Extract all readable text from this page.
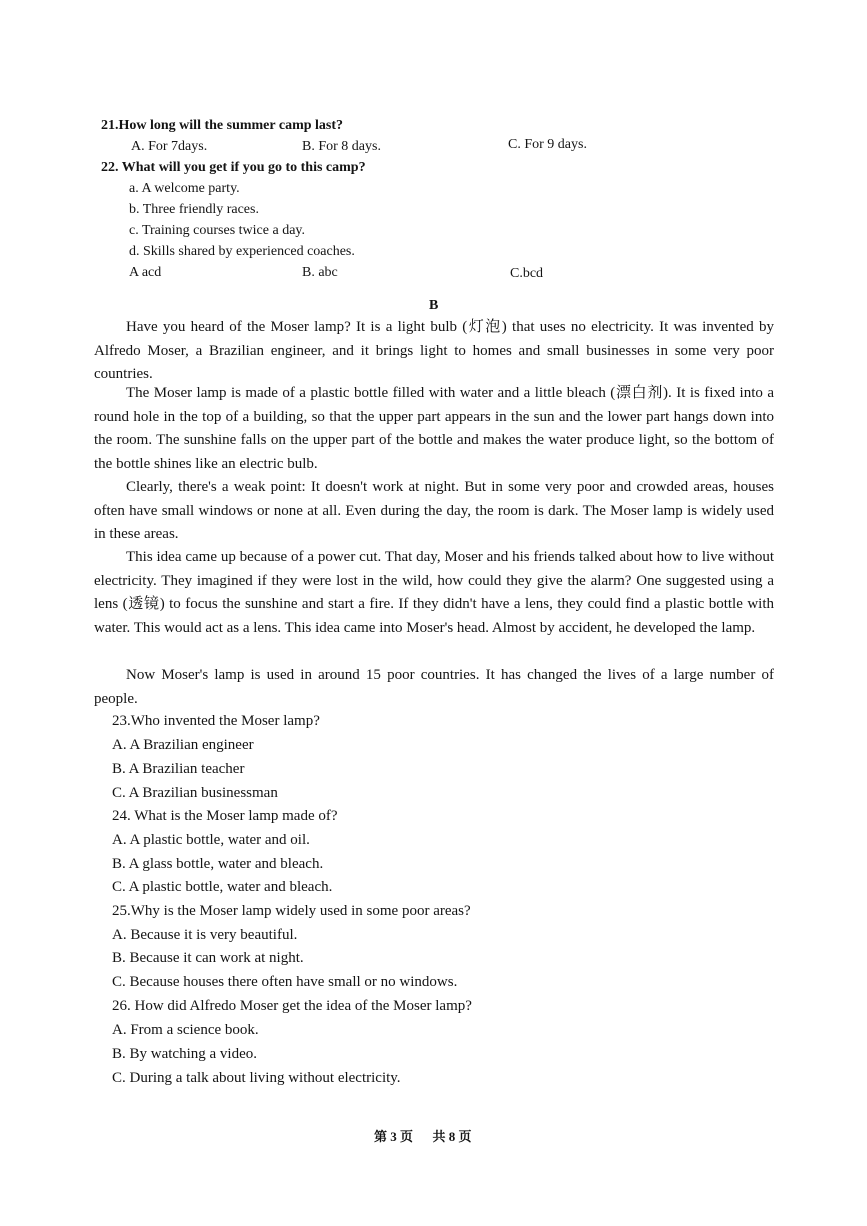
21.How long will the summer camp last?
A. For 7days.	B. For 8 days.	C. For 9 days.
22. What will you get if you go to this camp?
a. A welcome party.
b. Three friendly races.
c. Training courses twice a day.
d. Skills shared by experienced coaches.
A acd	B. abc	C.bcd
B
Have you heard of the Moser lamp? It is a light bulb (灯泡) that uses no electricity. It was invented by Alfredo Moser, a Brazilian engineer, and it brings light to homes and small businesses in some very poor countries.
The Moser lamp is made of a plastic bottle filled with water and a little bleach (漂白剂). It is fixed into a round hole in the top of a building, so that the upper part appears in the sun and the lower part hangs down into the room. The sunshine falls on the upper part of the bottle and makes the water produce light, so the bottom of the bottle shines like an electric bulb.
Clearly, there's a weak point: It doesn't work at night. But in some very poor and crowded areas, houses often have small windows or none at all. Even during the day, the room is dark. The Moser lamp is widely used in these areas.
This idea came up because of a power cut. That day, Moser and his friends talked about how to live without electricity. They imagined if they were lost in the wild, how could they give the alarm? One suggested using a lens (透镜) to focus the sunshine and start a fire. If they didn't have a lens, they could find a plastic bottle with water. This would act as a lens. This idea came into Moser's head. Almost by accident, he developed the lamp.
Now Moser's lamp is used in around 15 poor countries. It has changed the lives of a large number of people.
23.Who invented the Moser lamp?
A. A Brazilian engineer
B. A Brazilian teacher
C. A Brazilian businessman
24. What is the Moser lamp made of?
A. A plastic bottle, water and oil.
B. A glass bottle, water and bleach.
C. A plastic bottle, water and bleach.
25.Why is the Moser lamp widely used in some poor areas?
A. Because it is very beautiful.
B. Because it can work at night.
C. Because houses there often have small or no windows.
26. How did Alfredo Moser get the idea of the Moser lamp?
A. From a science book.
B. By watching a video.
C. During a talk about living without electricity.
第 3 页      共 8 页
